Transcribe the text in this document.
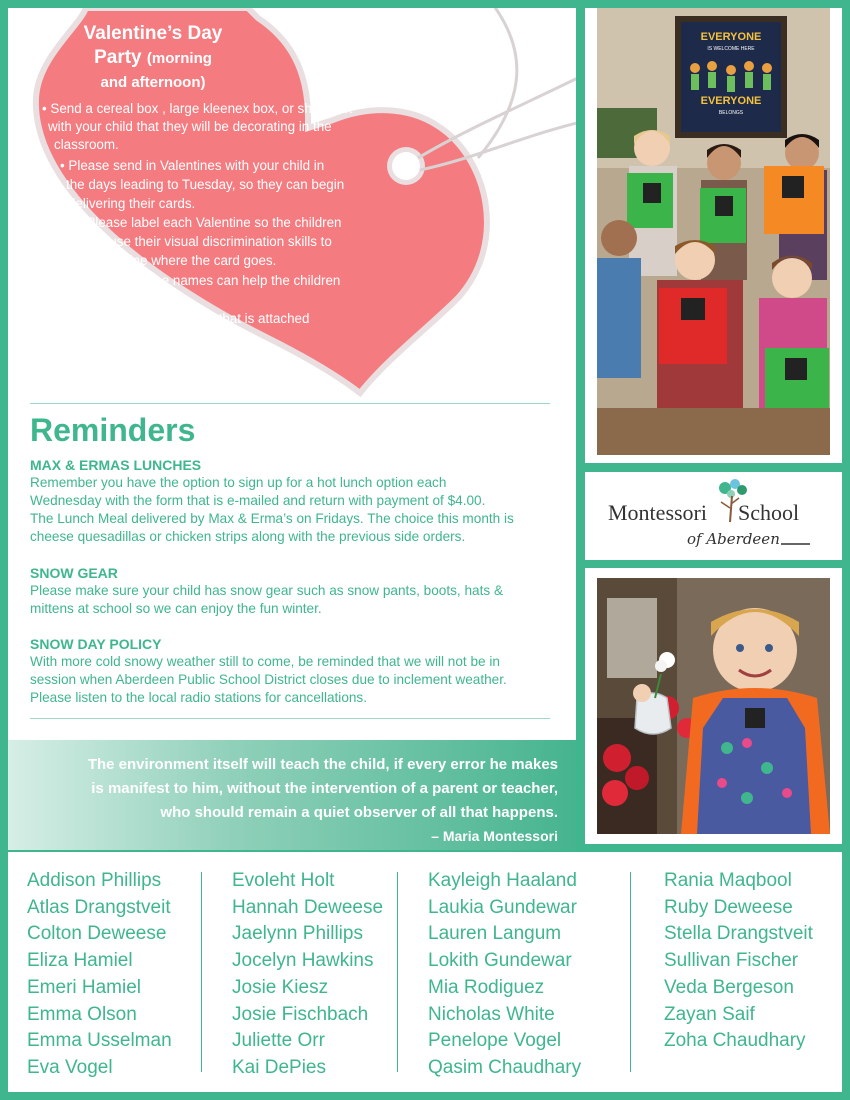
Valentine’s Day
Party (morning
and afternoon)
• Send a cereal box , large kleenex box, or shoe box
with your child that they will be decorating in the
classroom.
• Please send in Valentines with your child in
the days leading to Tuesday, so they can begin
delivering their cards.
• Please label each Valentine so the children
can use their visual discrimination skills to
determine where the card goes.
• Dotting the names can help the children
to write them.
• See the class list that is attached
below.
Reminders
MAX & ERMAS LUNCHES
Remember you have the option to sign up for a hot lunch option each
Wednesday with the form that is e-mailed and return with payment of $4.00.
The Lunch Meal delivered by Max & Erma’s on Fridays. The choice this month is
cheese quesadillas or chicken strips along with the previous side orders.
SNOW GEAR
Please make sure your child has snow gear such as snow pants, boots, hats &
mittens at school so we can enjoy the fun winter.
SNOW DAY POLICY
With more cold snowy weather still to come, be reminded that we will not be in
session when Aberdeen Public School District closes due to inclement weather.
Please listen to the local radio stations for cancellations.
The environment itself will teach the child, if every error he makes
is manifest to him, without the intervention of a parent or teacher,
who should remain a quiet observer of all that happens.
– Maria Montessori
EVERYONE
IS WELCOME HERE
EVERYONE
BELONGS
Montessori School
of Aberdeen
Addison Phillips
Atlas Drangstveit
Colton Deweese
Eliza Hamiel
Emeri Hamiel
Emma Olson
Emma Usselman
Eva Vogel
Evoleht Holt
Hannah Deweese
Jaelynn Phillips
Jocelyn Hawkins
Josie Kiesz
Josie Fischbach
Juliette Orr
Kai DePies
Kayleigh Haaland
Laukia Gundewar
Lauren Langum
Lokith Gundewar
Mia Rodiguez
Nicholas White
Penelope Vogel
Qasim Chaudhary
Rania Maqbool
Ruby Deweese
Stella Drangstveit
Sullivan Fischer
Veda Bergeson
Zayan Saif
Zoha Chaudhary
